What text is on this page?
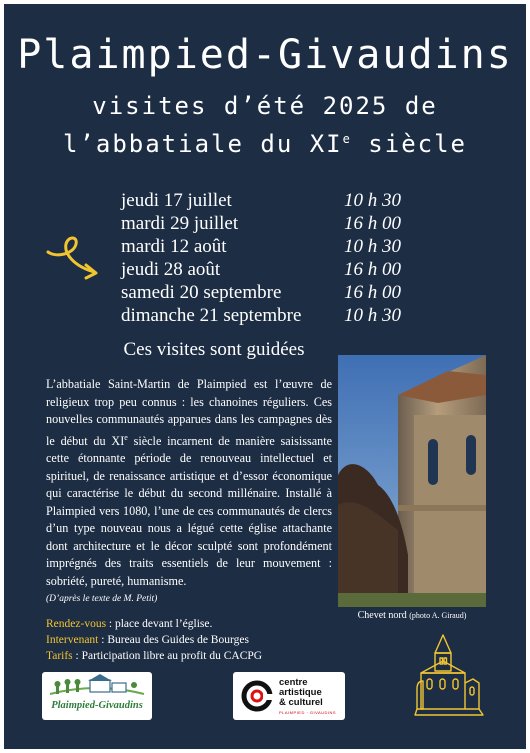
Plaimpied-Givaudins
visites d’été 2025 de
l’abbatiale du XIe siècle
jeudi 17 juillet	10 h 30
mardi 29 juillet	16 h 00
mardi 12 août	10 h 30
jeudi 28 août	16 h 00
samedi 20 septembre	16 h 00
dimanche 21 septembre 10 h 30
Ces visites sont guidées
L’abbatiale Saint-Martin de Plaimpied est l’œuvre de religieux trop peu connus : les chanoines réguliers. Ces nouvelles communautés apparues dans les campagnes dès le début du XIe siècle incarnent de manière saisissante cette étonnante période de renouveau intellectuel et spirituel, de renaissance artistique et d’essor économique qui caractérise le début du second millénaire. Installé à Plaimpied vers 1080, l’une de ces communautés de clercs d’un type nouveau nous a légué cette église attachante dont architecture et le décor sculpté sont profondément imprégnés des traits essentiels de leur mouvement : sobriété, pureté, humanisme.
(D’après le texte de M. Petit)
Chevet nord (photo A. Giraud)
Rendez-vous : place devant l’église.
Intervenant : Bureau des Guides de Bourges
Tarifs : Participation libre au profit du CACPG
Plaimpied-Givaudins
centre
artistique
& culturel
PLAIMPIED · GIVAUDINS
